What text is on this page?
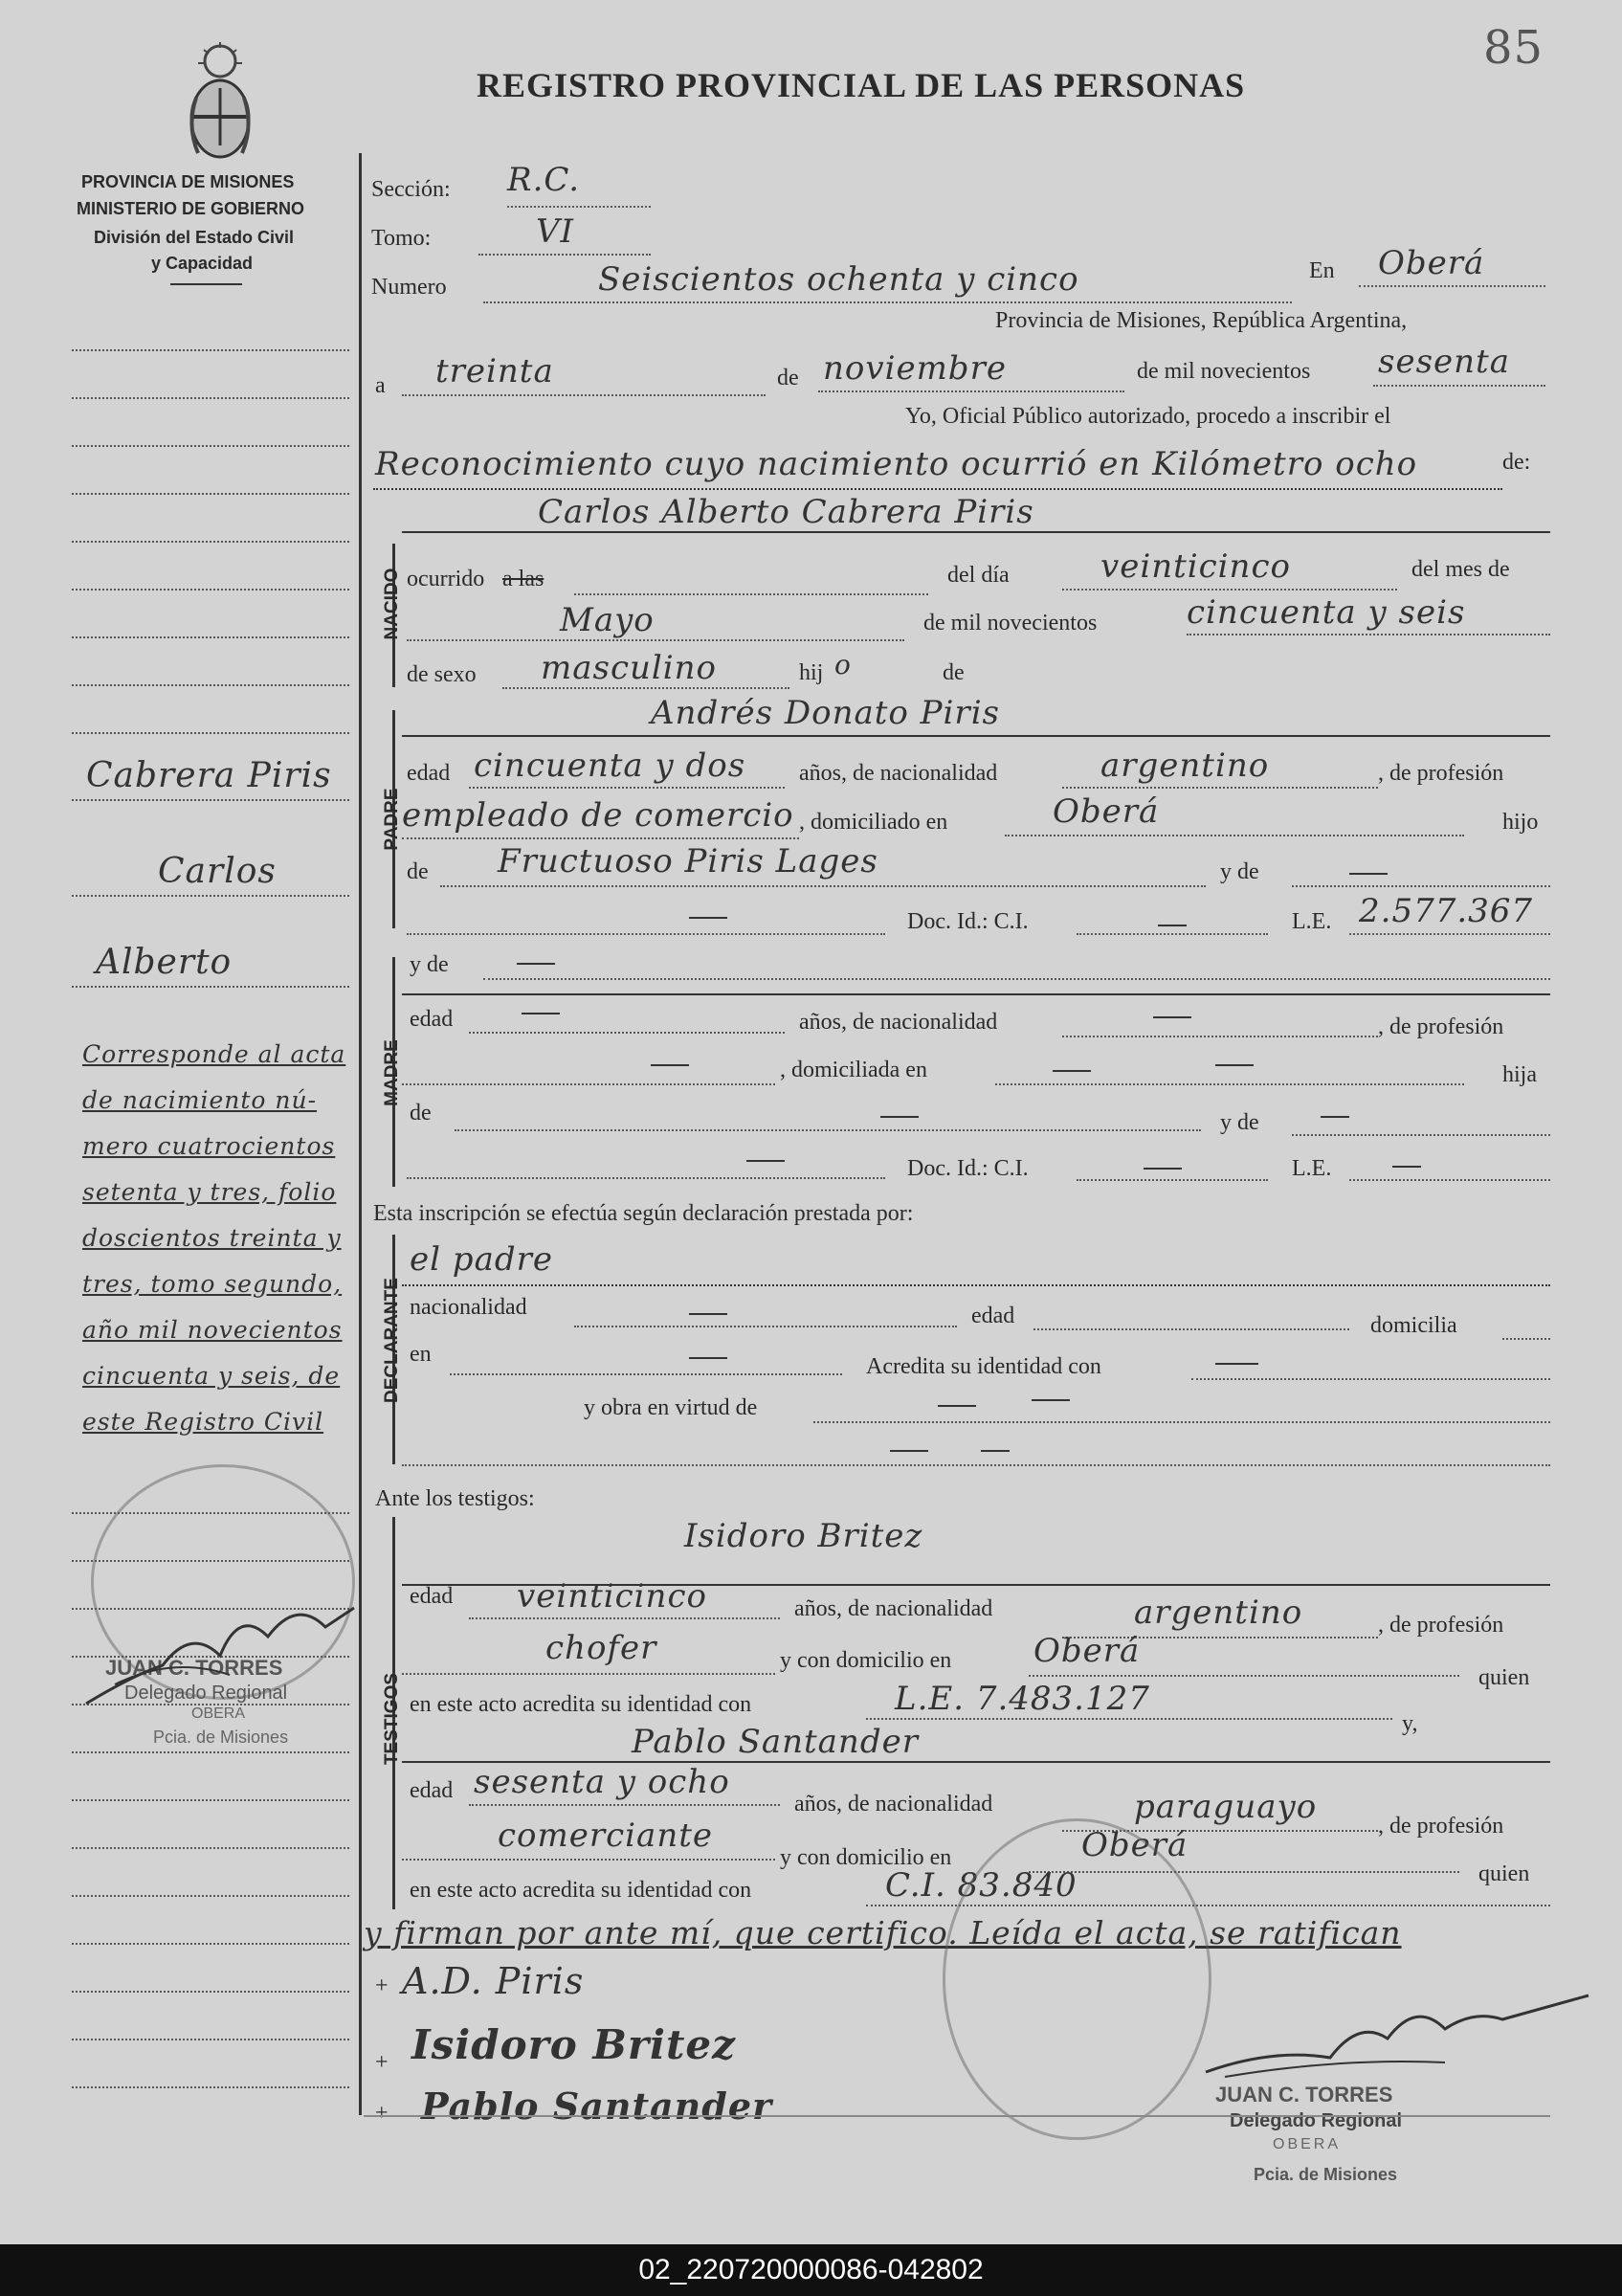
PROVINCIA DE MISIONES
MINISTERIO DE GOBIERNO
División del Estado Civil
y Capacidad
REGISTRO PROVINCIAL DE LAS PERSONAS
85
Cabrera Piris
Carlos
Alberto
Corresponde al acta
de nacimiento nú-
mero cuatrocientos
setenta y tres, folio
doscientos treinta y
tres, tomo segundo,
año mil novecientos
cincuenta y seis, de
este Registro Civil
JUAN C. TORRES
Delegado Regional
OBERA
Pcia. de Misiones
NACIDO
PADRE
MADRE
DECLARANTE
TESTIGOS
Sección: R.C.
Tomo:	VI
Numero	Seiscientos ochenta y cinco	En Oberá
Provincia de Misiones, República Argentina,
a treinta	de noviembre	de mil novecientos sesenta
Yo, Oficial Público autorizado, procedo a inscribir el
Reconocimiento cuyo nacimiento ocurrió en Kilómetro ocho	de:
Carlos Alberto Cabrera Piris
ocurrido a las	del día	veinticinco	del mes de
Mayo	de mil novecientos	cincuenta y seis
de sexo masculino	hij o	de
Andrés Donato Piris
edad cincuenta y dos años, de nacionalidad	argentino	, de profesión
empleado de comercio , domiciliado en	Oberá	hijo
de Fructuoso Piris Lages	y de
Doc. Id.: C.I.	L.E. 2.577.367
y de
edad	años, de nacionalidad	, de profesión
, domiciliada en	hija
de	y de
Doc. Id.: C.I.	L.E.
Esta inscripción se efectúa según declaración prestada por:
el padre
nacionalidad	edad	domicilia
en	Acredita su identidad con
y obra en virtud de
Ante los testigos:
Isidoro Britez
edad veinticinco	años, de nacionalidad	argentino	, de profesión
chofer	y con domicilio en	Oberá
quien
en este acto acredita su identidad con	L.E. 7.483.127
y,
Pablo Santander
edad sesenta y ocho
años, de nacionalidad	paraguayo	, de profesión
comerciante
y con domicilio en	Oberá
quien
en este acto acredita su identidad con	C.I. 83.840
y firman por ante mí, que certifico. Leída el acta, se ratifican
A.D. Piris
+
Isidoro Britez
+
Pablo Santander
+
JUAN C. TORRES
Delegado Regional
OBERA
Pcia. de Misiones
02_220720000086-042802
